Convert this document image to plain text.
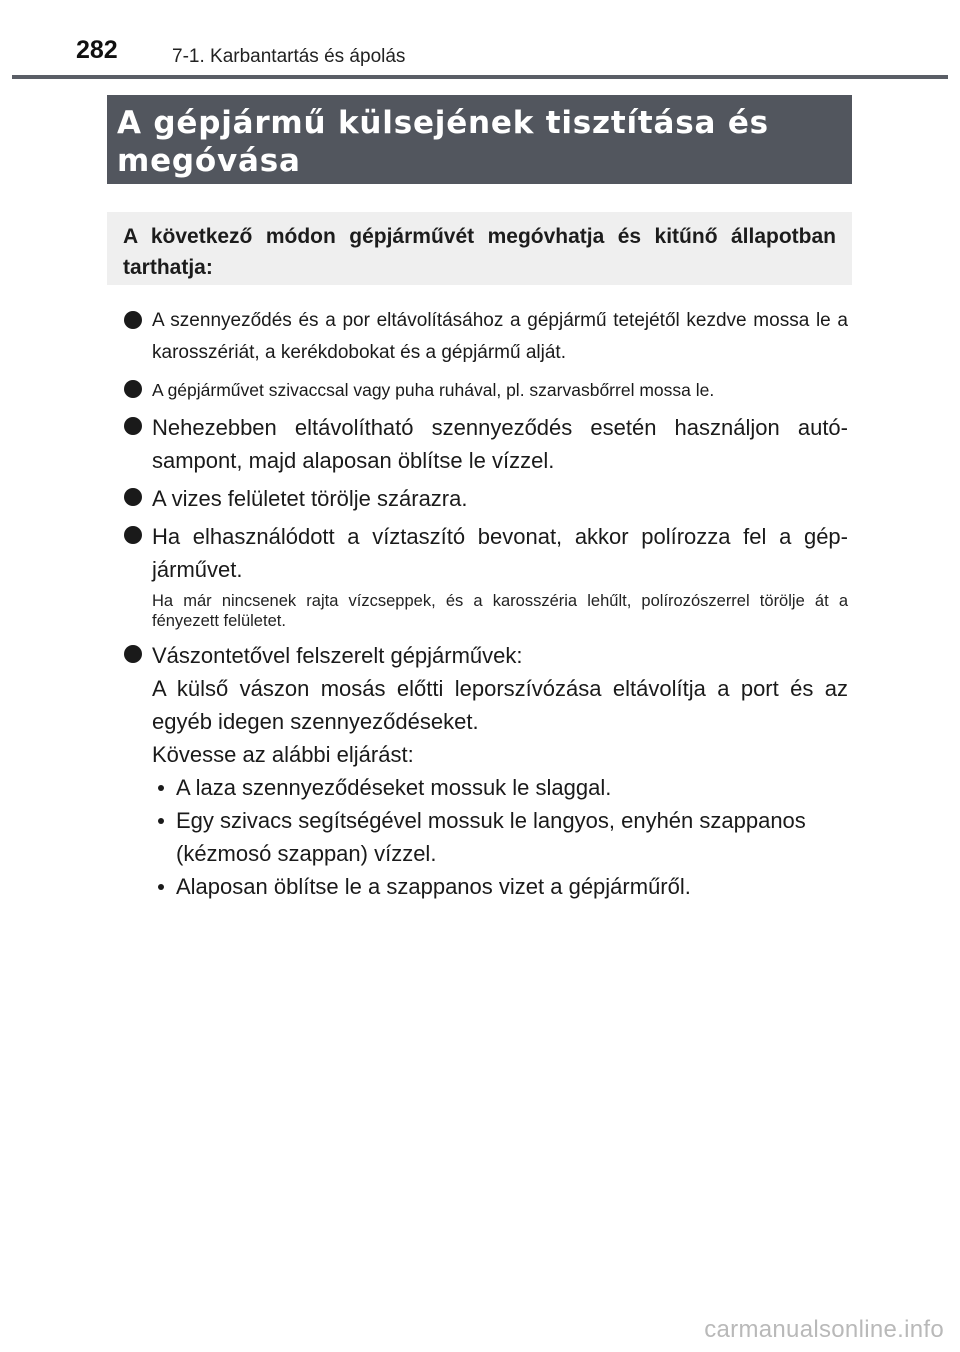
282	7-1. Karbantartás és ápolás
A gépjármű külsejének tisztítása és
megóvása

A következő módon gépjárművét megóvhatja és kitűnő állapotban tarthatja:

A szennyeződés és a por eltávolításához a gépjármű tetejétől kezdve mossa le a karosszériát, a kerékdobokat és a gépjármű alját.

A gépjárművet szivaccsal vagy puha ruhával, pl. szarvasbőrrel mossa le.

Nehezebben eltávolítható szennyeződés esetén használjon autósampont, majd alaposan öblítse le vízzel.

A vizes felületet törölje szárazra.

Ha elhasználódott a víztaszító bevonat, akkor polírozza fel a gépjárművet.

Ha már nincsenek rajta vízcseppek, és a karosszéria lehűlt, polírozószerrel törölje át a fényezett felületet.

Vászontetővel felszerelt gépjárművek:

A külső vászon mosás előtti leporszívózása eltávolítja a port és az egyéb idegen szennyeződéseket.

Kövesse az alábbi eljárást:

A laza szennyeződéseket mossuk le slaggal.
Egy szivacs segítségével mossuk le langyos, enyhén szappanos (kézmosó szappan) vízzel.
Alaposan öblítse le a szappanos vizet a gépjárműről.
carmanualsonline.info
